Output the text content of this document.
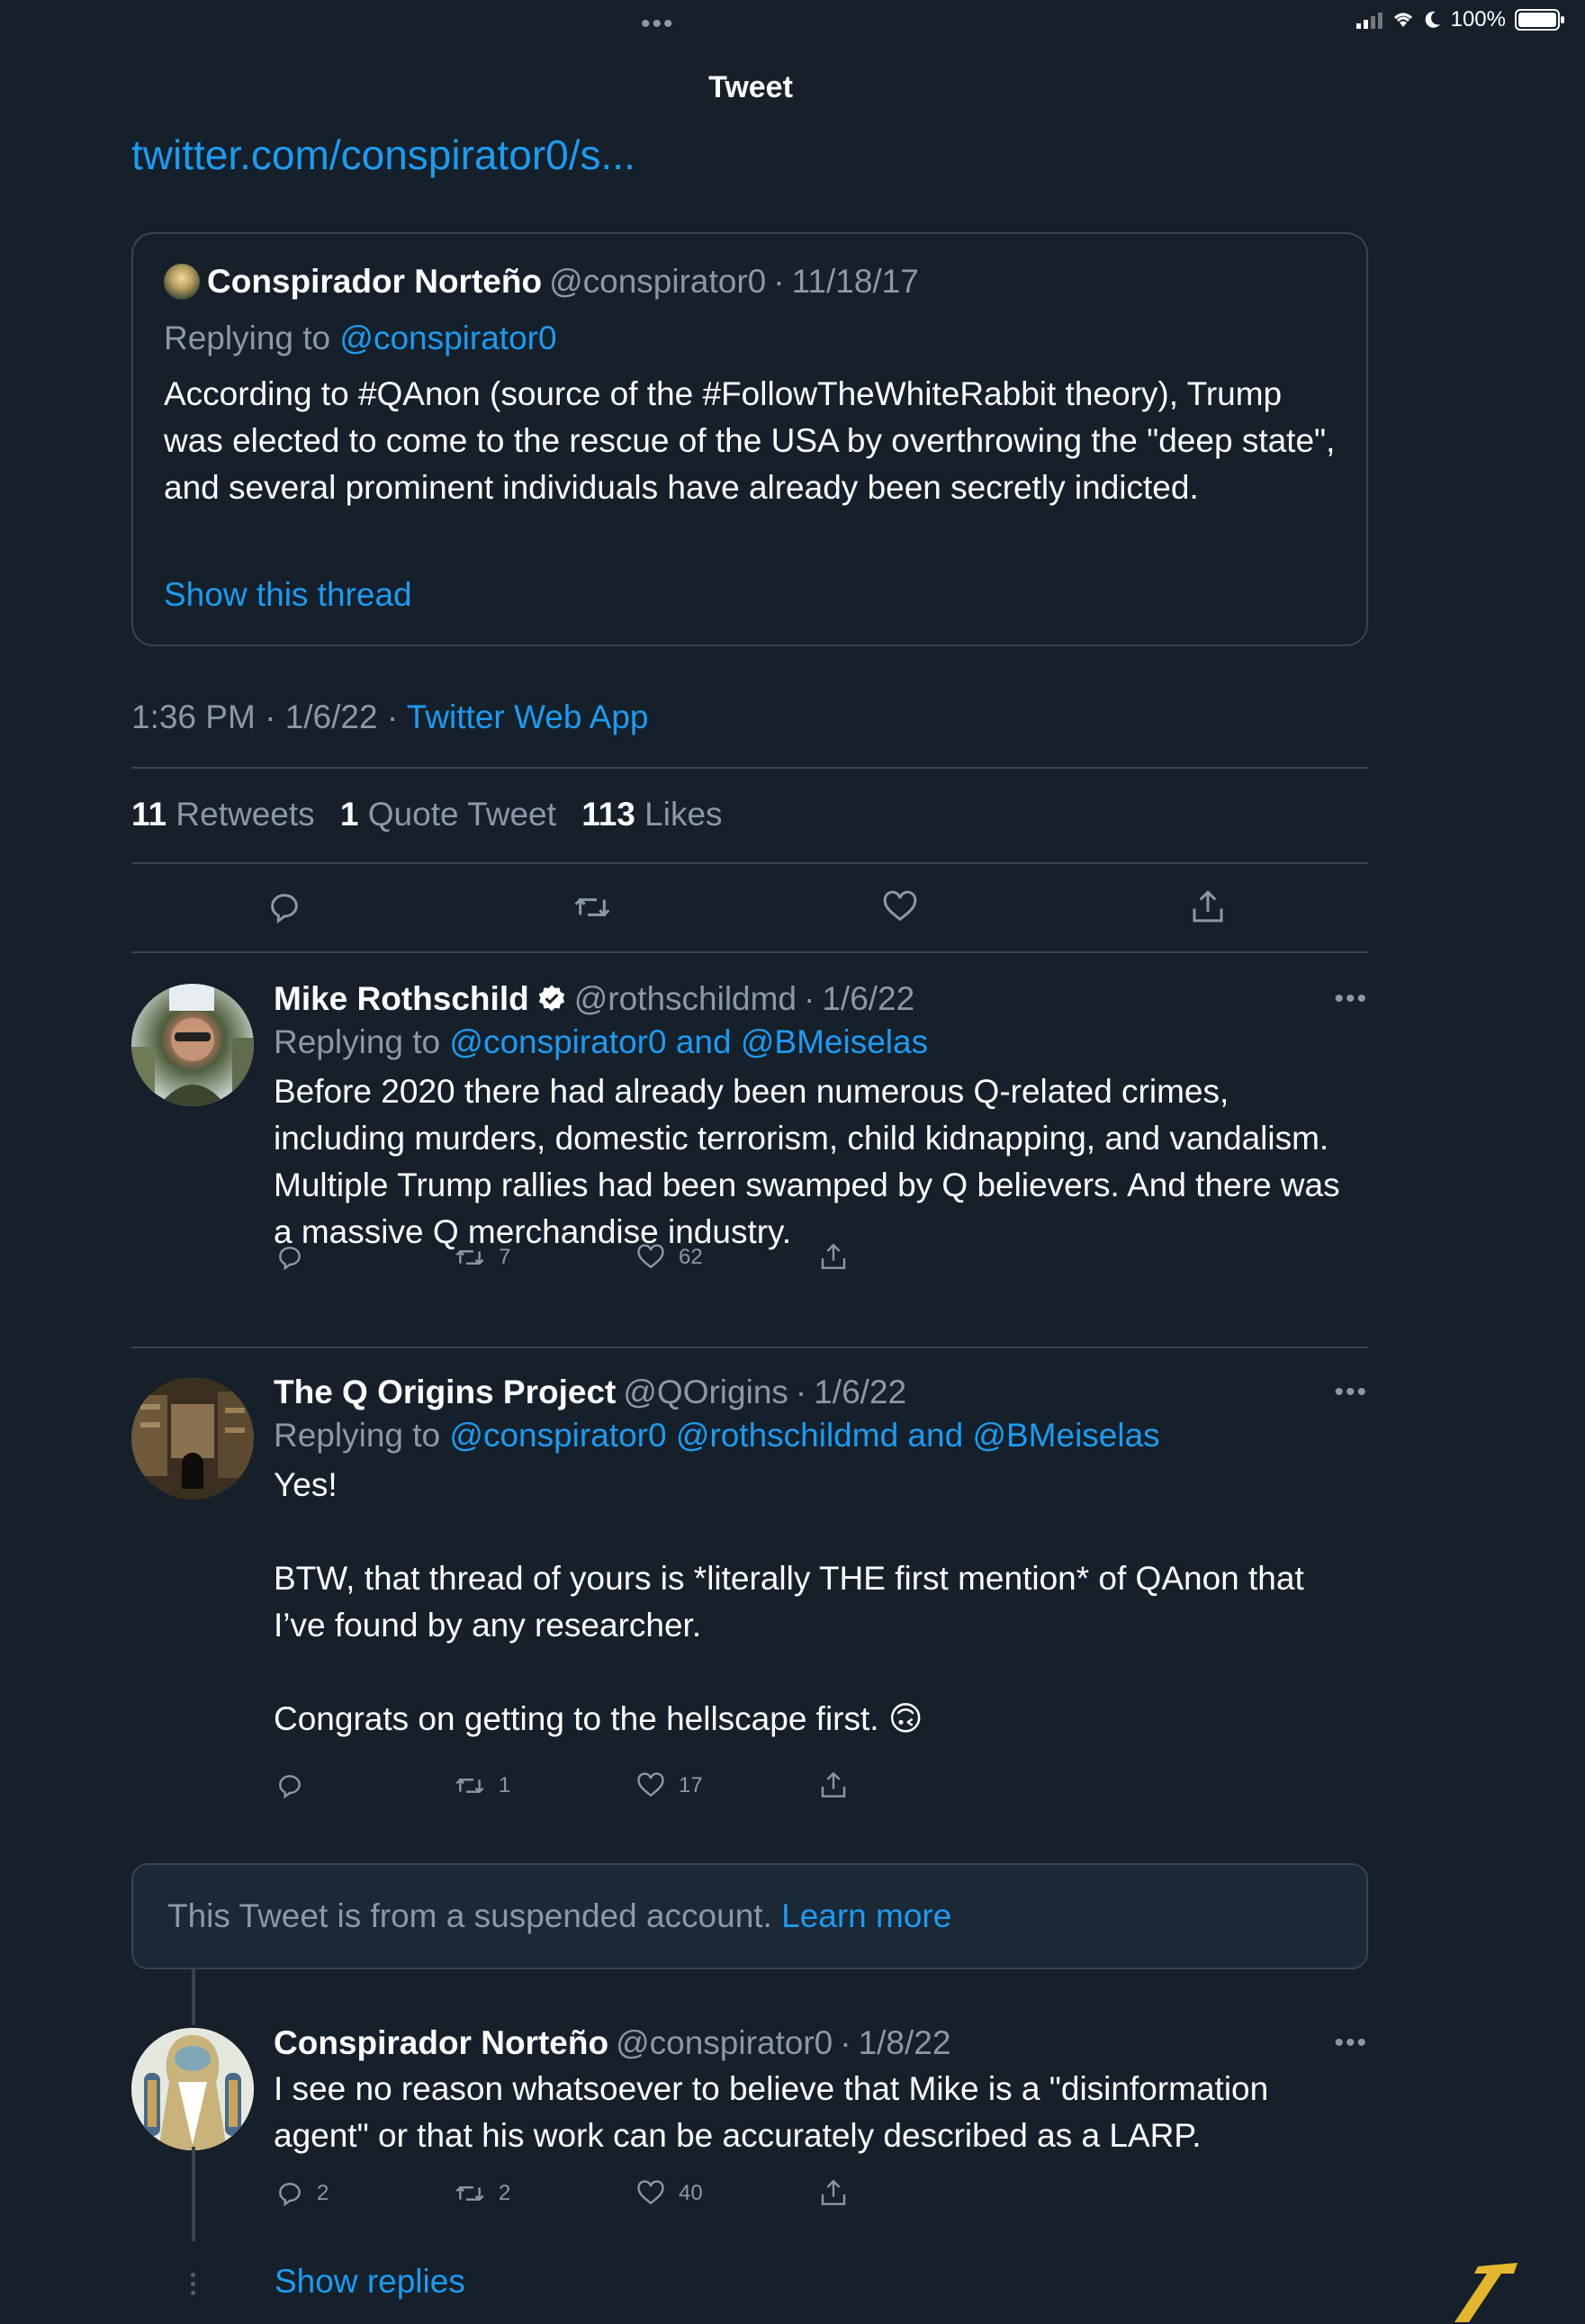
•••	100%
Tweet
twitter.com/conspirator0/s...
Conspirador Norteño @conspirator0 · 11/18/17
Replying to @conspirator0
According to #QAnon (source of the #FollowTheWhiteRabbit theory), Trump was elected to come to the rescue of the USA by overthrowing the "deep state", and several prominent individuals have already been secretly indicted.
Show this thread
1:36 PM · 1/6/22 · Twitter Web App
11 Retweets 1 Quote Tweet 113 Likes
Mike Rothschild @rothschildmd · 1/6/22
Replying to @conspirator0 and @BMeiselas
Before 2020 there had already been numerous Q-related crimes, including murders, domestic terrorism, child kidnapping, and vandalism. Multiple Trump rallies had been swamped by Q believers. And there was a massive Q merchandise industry.
•••
7	62
The Q Origins Project @QOrigins · 1/6/22
Replying to @conspirator0 @rothschildmd and @BMeiselas
Yes!
BTW, that thread of yours is *literally THE first mention* of QAnon that I’ve found by any researcher.
Congrats on getting to the hellscape first. 🙃
•••
1	17
This Tweet is from a suspended account. Learn more
Conspirador Norteño @conspirator0 · 1/8/22
I see no reason whatsoever to believe that Mike is a "disinformation agent" or that his work can be accurately described as a LARP.
•••
2	2	40
Show replies
